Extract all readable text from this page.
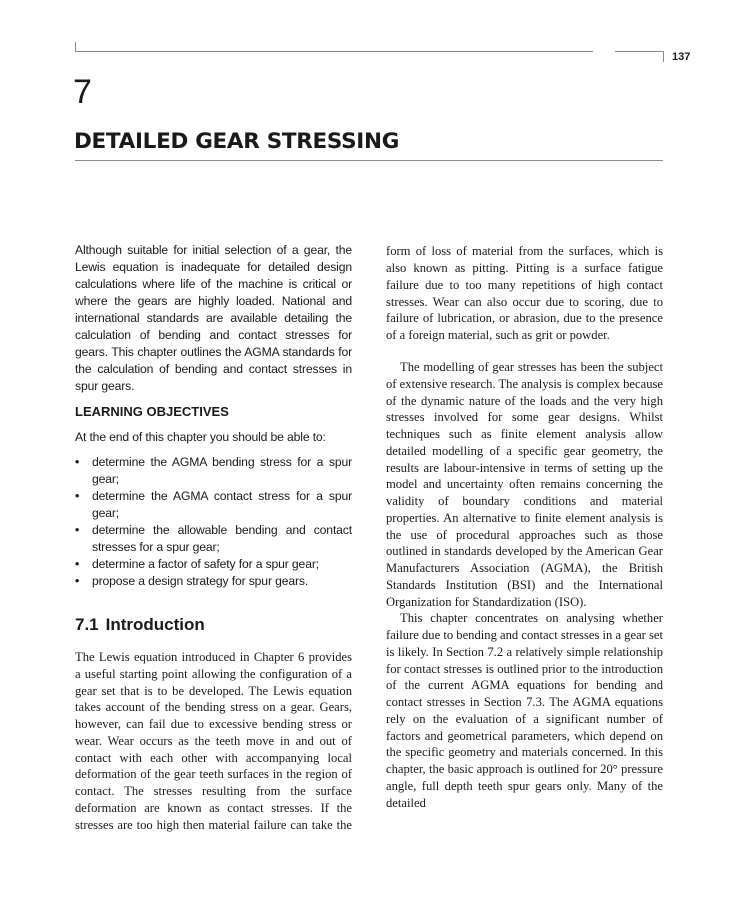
137
7
DETAILED GEAR STRESSING

Although suitable for initial selection of a gear, the Lewis equation is inadequate for detailed design calculations where life of the machine is critical or where the gears are highly loaded. National and international standards are available detailing the calculation of bending and contact stresses for gears. This chapter outlines the AGMA standards for the calculation of bending and contact stresses in spur gears.

LEARNING OBJECTIVES

At the end of this chapter you should be able to:

• determine the AGMA bending stress for a spur gear;
• determine the AGMA contact stress for a spur gear;
• determine the allowable bending and contact stresses for a spur gear;
• determine a factor of safety for a spur gear;
• propose a design strategy for spur gears.
7.1 Introduction

The Lewis equation introduced in Chapter 6 provides a useful starting point allowing the configuration of a gear set that is to be developed. The Lewis equation takes account of the bending stress on a gear. Gears, however, can fail due to excessive bending stress or wear. Wear occurs as the teeth move in and out of contact with each other with accompanying local deformation of the gear teeth surfaces in the region of contact. The stresses resulting from the surface deformation are known as contact stresses. If the stresses are too high then material failure can take the

form of loss of material from the surfaces, which is also known as pitting. Pitting is a surface fatigue failure due to too many repetitions of high contact stresses. Wear can also occur due to scoring, due to failure of lubrication, or abrasion, due to the presence of a foreign material, such as grit or powder.

The modelling of gear stresses has been the subject of extensive research. The analysis is complex because of the dynamic nature of the loads and the very high stresses involved for some gear designs. Whilst techniques such as finite element analysis allow detailed modelling of a specific gear geometry, the results are labour-intensive in terms of setting up the model and uncertainty often remains concerning the validity of boundary conditions and material properties. An alternative to finite element analysis is the use of procedural approaches such as those outlined in standards developed by the American Gear Manufacturers Association (AGMA), the British Standards Institution (BSI) and the International Organization for Standardization (ISO).

This chapter concentrates on analysing whether failure due to bending and contact stresses in a gear set is likely. In Section 7.2 a relatively simple relationship for contact stresses is outlined prior to the introduction of the current AGMA equations for bending and contact stresses in Section 7.3. The AGMA equations rely on the evaluation of a significant number of factors and geometrical parameters, which depend on the specific geometry and materials concerned. In this chapter, the basic approach is outlined for 20° pressure angle, full depth teeth spur gears only. Many of the detailed
